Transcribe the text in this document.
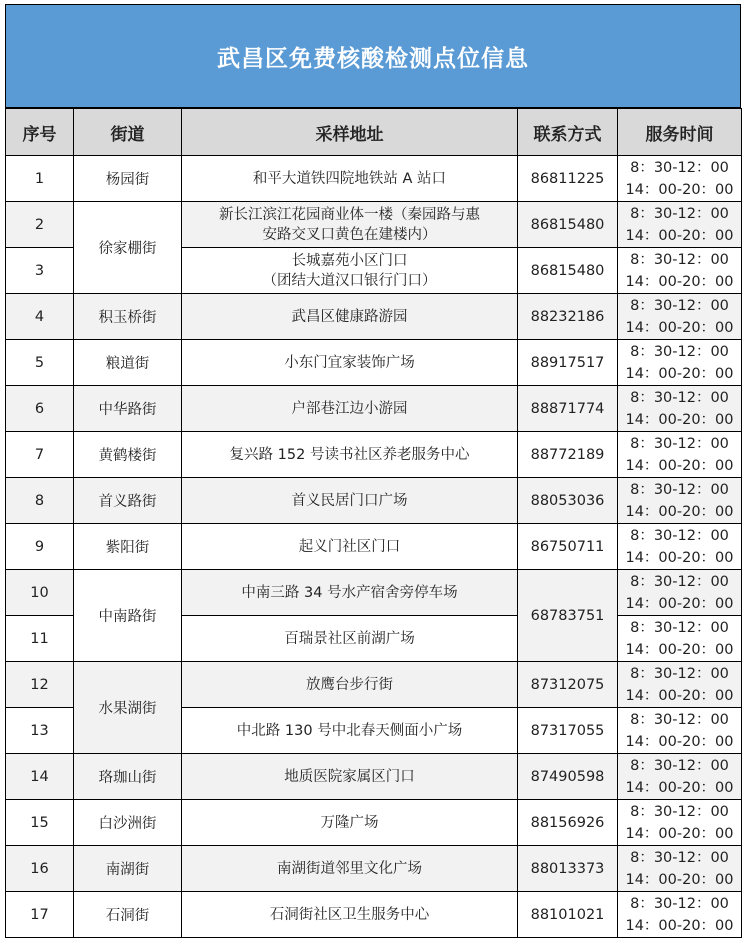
武昌区免费核酸检测点位信息
序号	街道	采样地址	联系方式	服务时间
1	杨园街	和平大道铁四院地铁站 A 站口	86811225	8：30-12：00
14：00-20：00

2	徐家棚街	新长江滨江花园商业体一楼（秦园路与惠
安路交叉口黄色在建楼内）	86815480	8：30-12：00
14：00-20：00

3		长城嘉苑小区门口
（团结大道汉口银行门口）	86815480	8：30-12：00
14：00-20：00

4	积玉桥街	武昌区健康路游园	88232186	8：30-12：00
14：00-20：00

5	粮道街	小东门宜家装饰广场	88917517	8：30-12：00
14：00-20：00

6	中华路街	户部巷江边小游园	88871774	8：30-12：00
14：00-20：00

7	黄鹤楼街	复兴路 152 号读书社区养老服务中心	88772189	8：30-12：00
14：00-20：00

8	首义路街	首义民居门口广场	88053036	8：30-12：00
14：00-20：00

9	紫阳街	起义门社区门口	86750711	8：30-12：00
14：00-20：00

10	中南路街	中南三路 34 号水产宿舍旁停车场	68783751	8：30-12：00
14：00-20：00

11		百瑞景社区前湖广场		8：30-12：00
14：00-20：00

12	水果湖街	放鹰台步行街	87312075	8：30-12：00
14：00-20：00

13		中北路 130 号中北春天侧面小广场	87317055	8：30-12：00
14：00-20：00

14	珞珈山街	地质医院家属区门口	87490598	8：30-12：00
14：00-20：00

15	白沙洲街	万隆广场	88156926	8：30-12：00
14：00-20：00

16	南湖街	南湖街道邻里文化广场	88013373	8：30-12：00
14：00-20：00

17	石洞街	石洞街社区卫生服务中心	88101021	8：30-12：00
14：00-20：00
